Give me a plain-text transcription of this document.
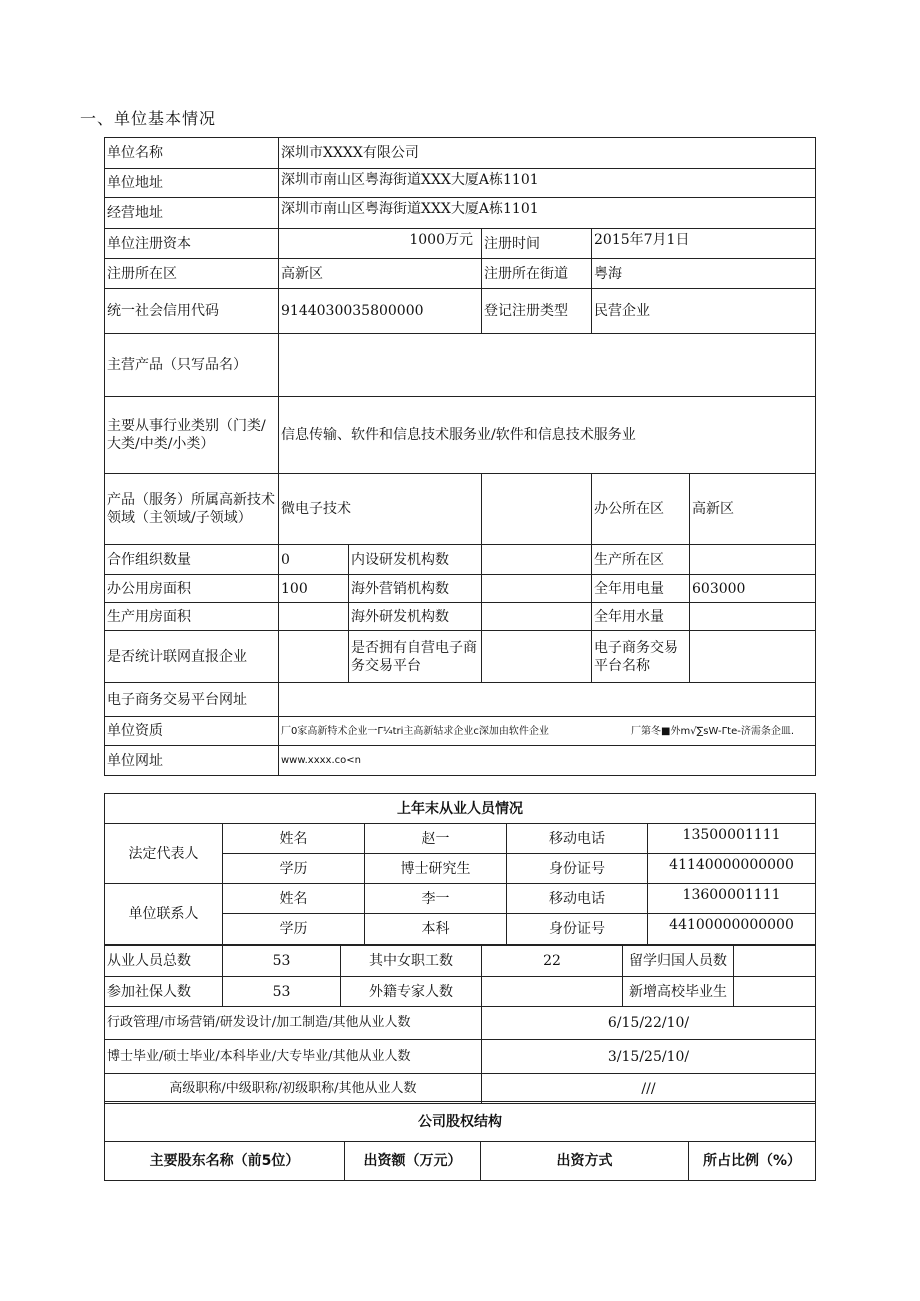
一、单位基本情况
单位名称	深圳市XXXX有限公司				
单位地址	深圳市南山区粤海街道XXX大厦A栋1101				
经营地址	深圳市南山区粤海街道XXX大厦A栋1101				
单位注册资本	1000万元		注册时间	2015年7月1日	
注册所在区	高新区		注册所在街道	粤海	
统一社会信用代码	9144030035800000		登记注册类型	民营企业	
主营产品（只写品名）					
主要从事行业类别（门类/大类/中类/小类）	信息传输、软件和信息技术服务业/软件和信息技术服务业				
产品（服务）所属高新技术领域（主领域/子领域）	微电子技术			办公所在区	高新区
合作组织数量	0	内设研发机构数		生产所在区	
办公用房面积	100	海外营销机构数		全年用电量	603000
生产用房面积		海外研发机构数		全年用水量	
是否统计联网直报企业		是否拥有自营电子商务交易平台		电子商务交易平台名称	
电子商务交易平台网址					
单位资质	厂0家高新特术企业一Γ¼tri主高新轱求企业c深加由软件企业 厂第冬■外m√∑sW-Γte-济需条企皿.				
单位网址	www.xxxx.co<n				
上年末从业人员情况				
法定代表人	姓名	赵一	移动电话	13500001111
	学历	博士研究生	身份证号	41140000000000
单位联系人	姓名	李一	移动电话	13600001111
	学历	本科	身份证号	44100000000000
从业人员总数	53	其中女职工数	22	留学归国人员数	
参加社保人数	53	外籍专家人数		新增高校毕业生	
行政管理/市场营销/研发设计/加工制造/其他从业人数			6/15/22/10/		
博士毕业/硕士毕业/本科毕业/大专毕业/其他从业人数			3/15/25/10/		
高级职称/中级职称/初级职称/其他从业人数			///		
公司股权结构
主要股东名称（前5位）	出资额（万元）	出资方式	所占比例（%）
